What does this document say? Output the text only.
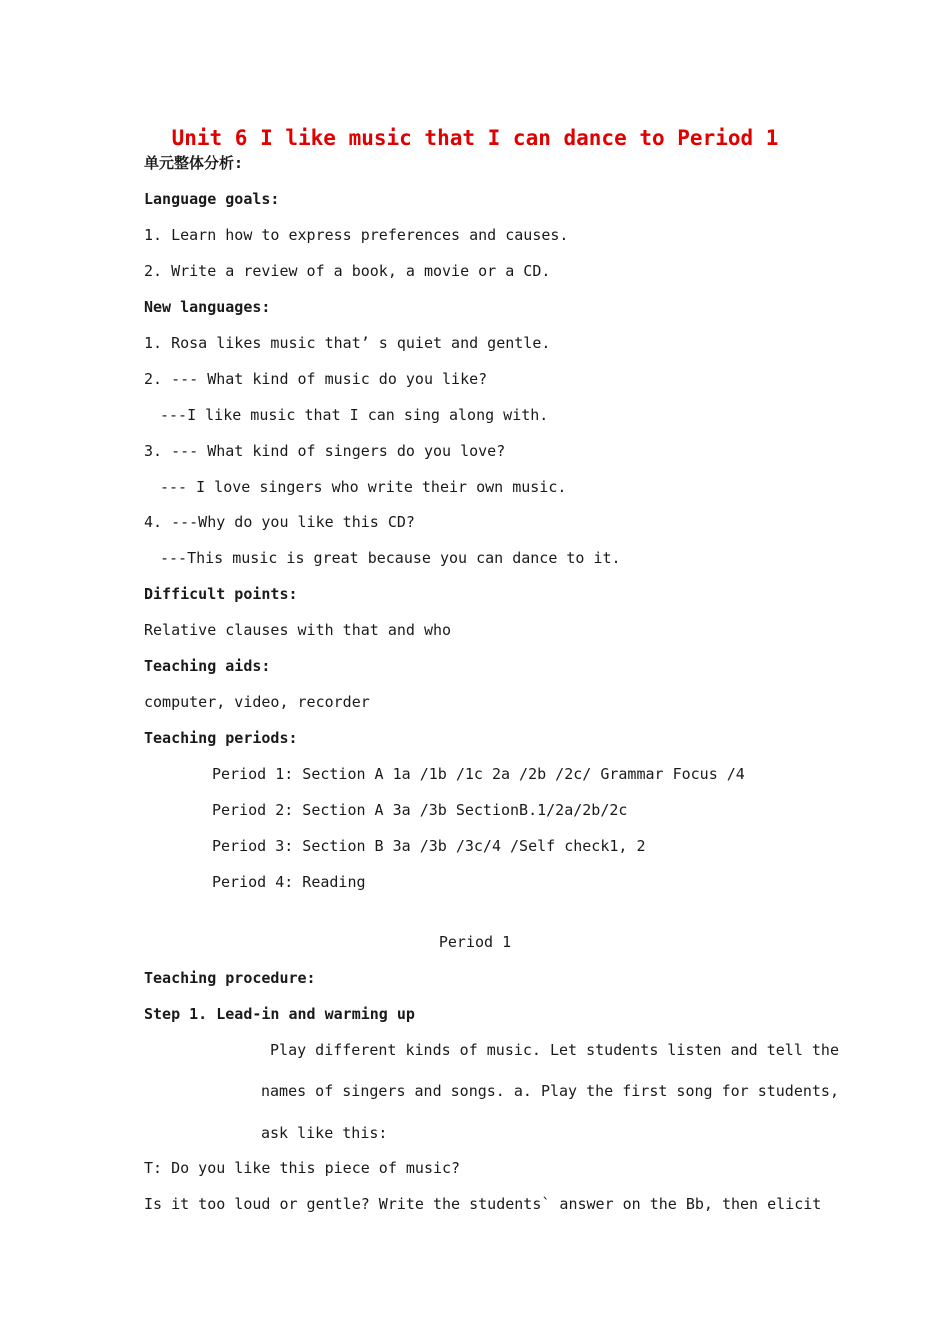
Unit 6 I like music that I can dance to Period 1
单元整体分析:
Language goals:
1. Learn how to express preferences and causes.
2. Write a review of a book, a movie or a CD.
New languages:
1. Rosa likes music that’ s quiet and gentle.
2. --- What kind of music do you like?
---I like music that I can sing along with.
3. --- What kind of singers do you love?
--- I love singers who write their own music.
4. ---Why do you like this CD?
---This music is great because you can dance to it.
Difficult points:
Relative clauses with that and who
Teaching aids:
computer, video, recorder
Teaching periods:
Period 1: Section A 1a /1b /1c 2a /2b /2c/ Grammar Focus /4
Period 2: Section A 3a /3b SectionB.1/2a/2b/2c
Period 3: Section B 3a /3b /3c/4 /Self check1, 2
Period 4: Reading
Period 1
Teaching procedure:
Step 1. Lead-in and warming up
Play different kinds of music. Let students listen and tell the
names of singers and songs. a. Play the first song for students,
ask like this:
T: Do you like this piece of music?
Is it too loud or gentle? Write the students` answer on the Bb, then elicit
